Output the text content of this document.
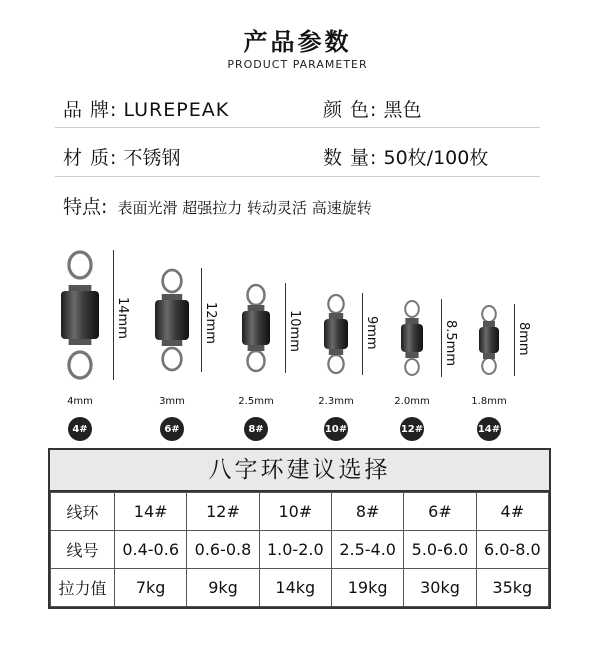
产品参数
PRODUCT PARAMETER
品 牌: LUREPEAK	颜 色: 黑色
材 质: 不锈钢	数 量: 50枚/100枚
特点: 表面光滑 超强拉力 转动灵活 高速旋转
14mm
4mm
4#
12mm
3mm
6#
10mm
2.5mm
8#
9mm
2.3mm
10#
8.5mm
2.0mm
12#
8mm
1.8mm
14#
八字环建议选择
线环	14#	12#	10#	8#	6#	4#
线号	0.4-0.6	0.6-0.8	1.0-2.0	2.5-4.0	5.0-6.0	6.0-8.0
拉力值	7kg	9kg	14kg	19kg	30kg	35kg
